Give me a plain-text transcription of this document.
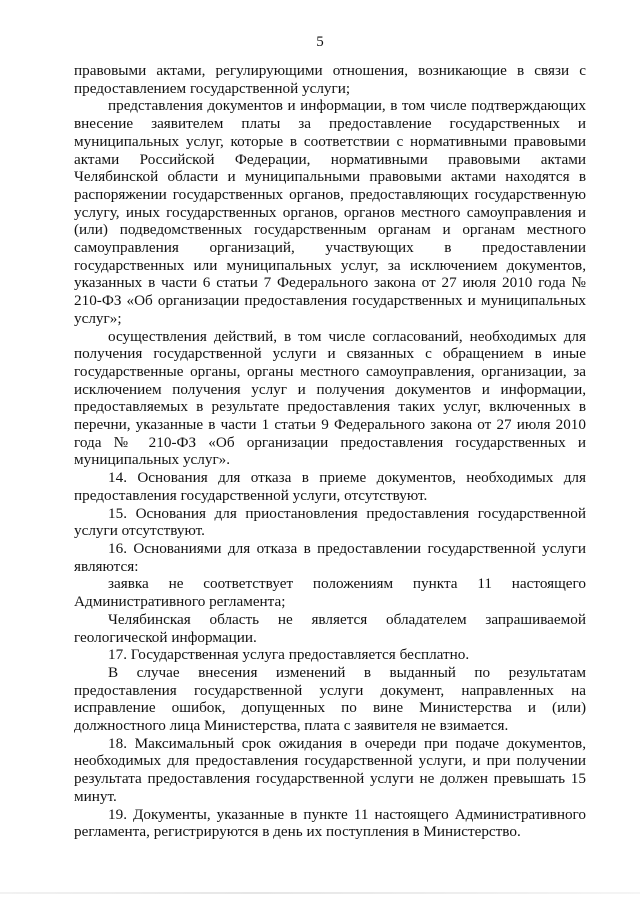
5

правовыми актами, регулирующими отношения, возникающие в связи с предоставлением государственной услуги;

представления документов и информации, в том числе подтверждающих внесение заявителем платы за предоставление государственных и муниципальных услуг, которые в соответствии с нормативными правовыми актами Российской Федерации, нормативными правовыми актами Челябинской области и муниципальными правовыми актами находятся в распоряжении государственных органов, предоставляющих государственную услугу, иных государственных органов, органов местного самоуправления и (или) подведомственных государственным органам и органам местного самоуправления организаций, участвующих в предоставлении государственных или муниципальных услуг, за исключением документов, указанных в части 6 статьи 7 Федерального закона от 27 июля 2010 года № 210-ФЗ «Об организации предоставления государственных и муниципальных услуг»;

осуществления действий, в том числе согласований, необходимых для получения государственной услуги и связанных с обращением в иные государственные органы, органы местного самоуправления, организации, за исключением получения услуг и получения документов и информации, предоставляемых в результате предоставления таких услуг, включенных в перечни, указанные в части 1 статьи 9 Федерального закона от 27 июля 2010 года № 210-ФЗ «Об организации предоставления государственных и муниципальных услуг».

14. Основания для отказа в приеме документов, необходимых для предоставления государственной услуги, отсутствуют.

15. Основания для приостановления предоставления государственной услуги отсутствуют.

16. Основаниями для отказа в предоставлении государственной услуги являются:

заявка не соответствует положениям пункта 11 настоящего Административного регламента;

Челябинская область не является обладателем запрашиваемой геологической информации.

17. Государственная услуга предоставляется бесплатно.

В случае внесения изменений в выданный по результатам предоставления государственной услуги документ, направленных на исправление ошибок, допущенных по вине Министерства и (или) должностного лица Министерства, плата с заявителя не взимается.

18. Максимальный срок ожидания в очереди при подаче документов, необходимых для предоставления государственной услуги, и при получении результата предоставления государственной услуги не должен превышать 15 минут.

19. Документы, указанные в пункте 11 настоящего Административного регламента, регистрируются в день их поступления в Министерство.
